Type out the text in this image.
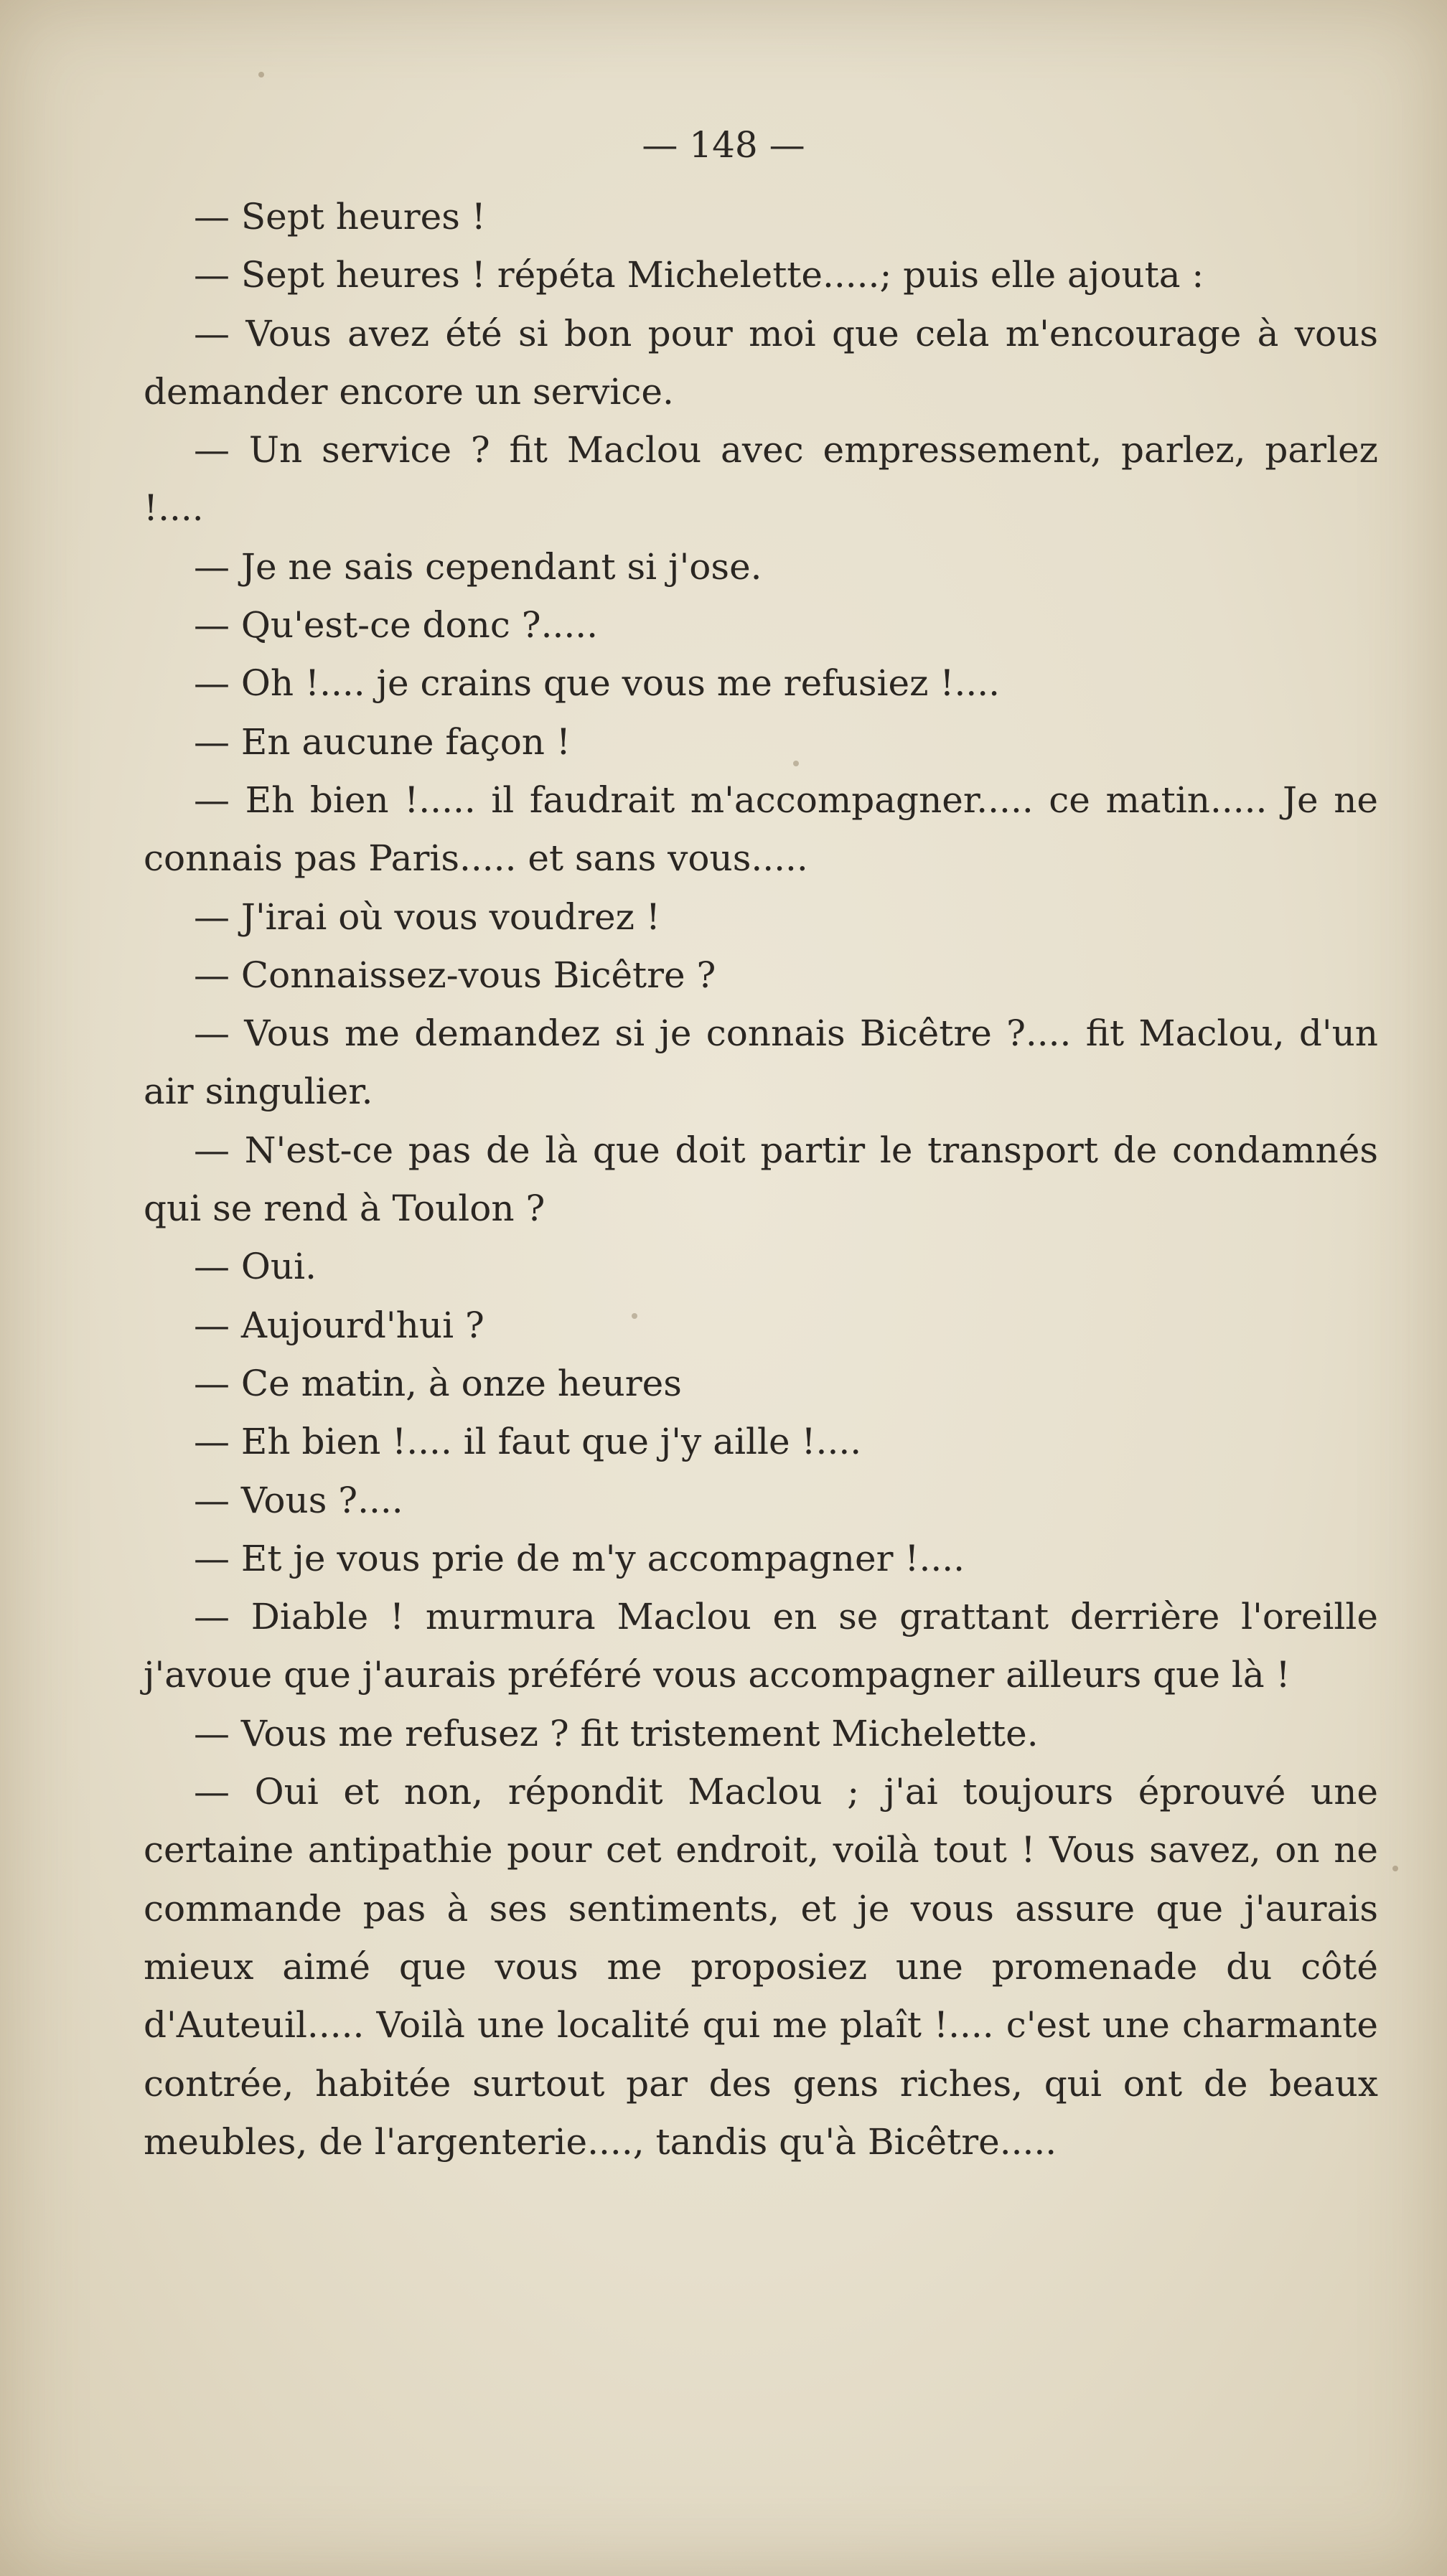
— 148 —

— Sept heures !

— Sept heures ! répéta Michelette.....; puis elle ajouta :

— Vous avez été si bon pour moi que cela m'encourage à vous demander encore un service.

— Un service ? fit Maclou avec empressement, parlez, parlez !....

— Je ne sais cependant si j'ose.

— Qu'est-ce donc ?.....

— Oh !.... je crains que vous me refusiez !....

— En aucune façon !

— Eh bien !..... il faudrait m'accompagner..... ce matin..... Je ne connais pas Paris..... et sans vous.....

— J'irai où vous voudrez !

— Connaissez-vous Bicêtre ?

— Vous me demandez si je connais Bicêtre ?.... fit Maclou, d'un air singulier.

— N'est-ce pas de là que doit partir le transport de condamnés qui se rend à Toulon ?

— Oui.

— Aujourd'hui ?

— Ce matin, à onze heures

— Eh bien !.... il faut que j'y aille !....

— Vous ?....

— Et je vous prie de m'y accompagner !....

— Diable ! murmura Maclou en se grattant derrière l'oreille j'avoue que j'aurais préféré vous accompagner ailleurs que là !

— Vous me refusez ? fit tristement Michelette.

— Oui et non, répondit Maclou ; j'ai toujours éprouvé une certaine antipathie pour cet endroit, voilà tout ! Vous savez, on ne commande pas à ses sentiments, et je vous assure que j'aurais mieux aimé que vous me proposiez une promenade du côté d'Auteuil..... Voilà une localité qui me plaît !.... c'est une charmante contrée, habitée surtout par des gens riches, qui ont de beaux meubles, de l'argenterie...., tandis qu'à Bicêtre.....
